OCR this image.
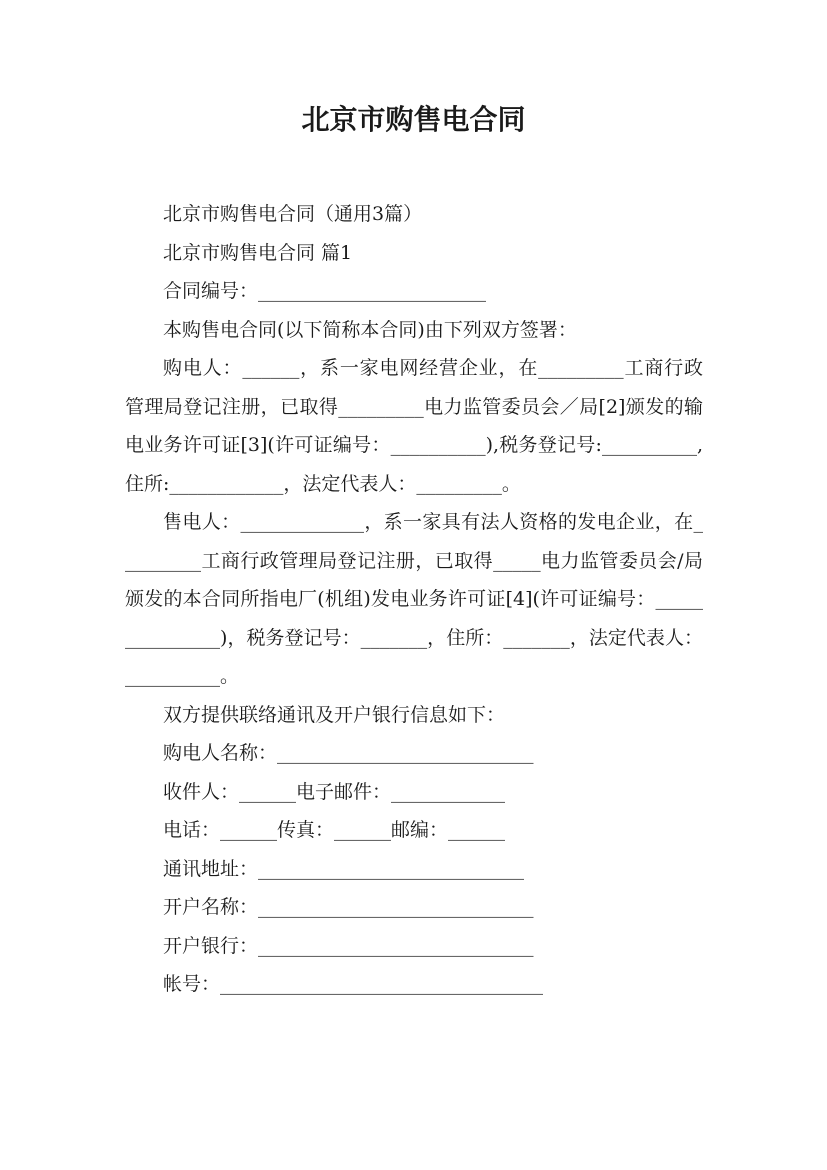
北京市购售电合同

北京市购售电合同（通用3篇）

北京市购售电合同 篇1

合同编号：________________________

本购售电合同(以下简称本合同)由下列双方签署：

购电人：______，系一家电网经营企业，在_________工商行政管理局登记注册，已取得_________电力监管委员会／局[2]颁发的输电业务许可证[3](许可证编号：__________),税务登记号:__________,住所:____________，法定代表人：_________。

售电人：_____________，系一家具有法人资格的发电企业，在_________工商行政管理局登记注册，已取得_____电力监管委员会/局颁发的本合同所指电厂(机组)发电业务许可证[4](许可证编号：_______________)，税务登记号：_______，住所：_______，法定代表人：__________。

双方提供联络通讯及开户银行信息如下：

购电人名称：___________________________

收件人：______电子邮件：____________

电话：______传真：______邮编：______

通讯地址：____________________________

开户名称：_____________________________

开户银行：_____________________________

帐号：__________________________________
